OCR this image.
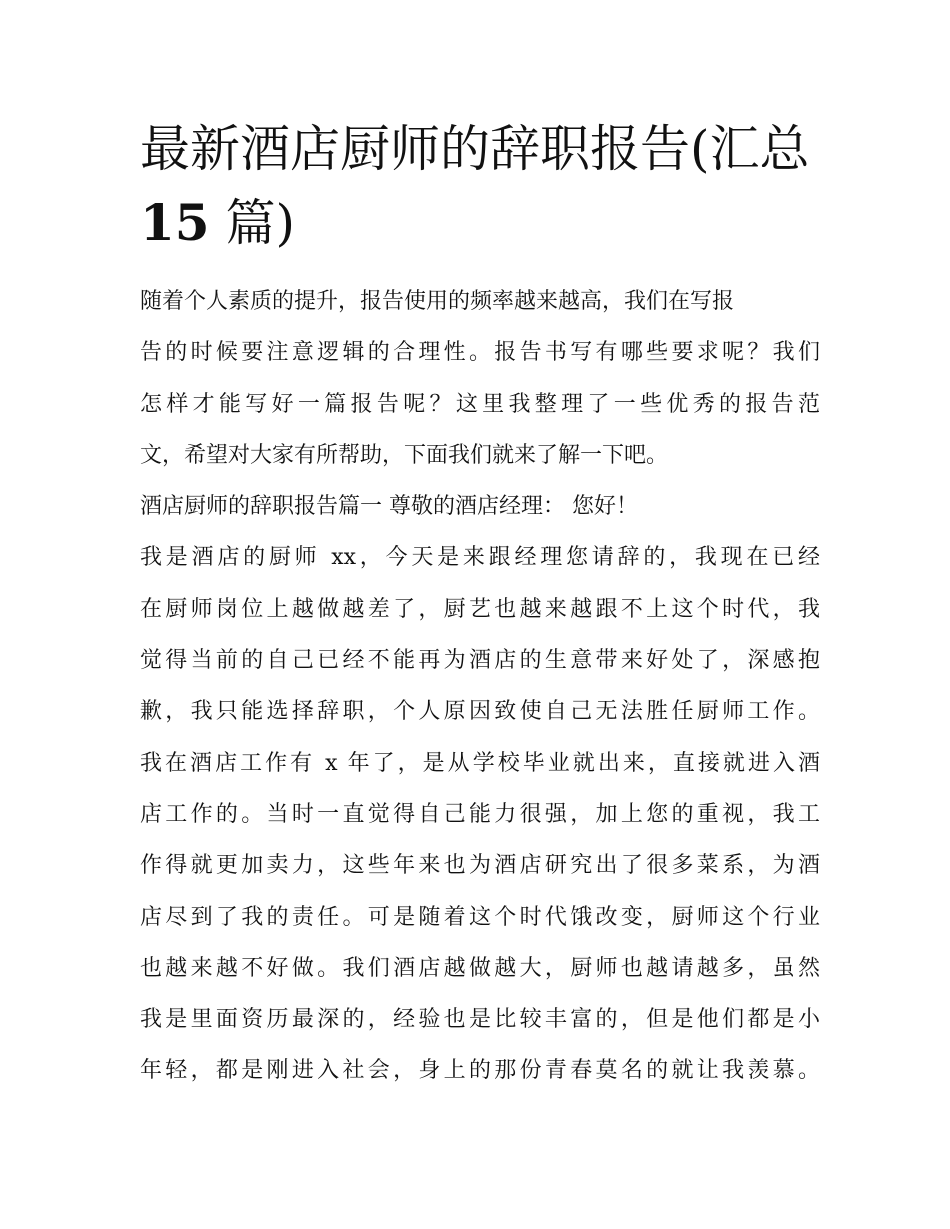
最新酒店厨师的辞职报告(汇总
15 篇)

随着个人素质的提升，报告使用的频率越来越高，我们在写报

告的时候要注意逻辑的合理性。报告书写有哪些要求呢？我们

怎样才能写好一篇报告呢？这里我整理了一些优秀的报告范

文，希望对大家有所帮助，下面我们就来了解一下吧。

酒店厨师的辞职报告篇一 尊敬的酒店经理： 您好！

我是酒店的厨师 xx，今天是来跟经理您请辞的，我现在已经

在厨师岗位上越做越差了，厨艺也越来越跟不上这个时代，我

觉得当前的自己已经不能再为酒店的生意带来好处了，深感抱

歉，我只能选择辞职，个人原因致使自己无法胜任厨师工作。

我在酒店工作有 x 年了，是从学校毕业就出来，直接就进入酒

店工作的。当时一直觉得自己能力很强，加上您的重视，我工

作得就更加卖力，这些年来也为酒店研究出了很多菜系，为酒

店尽到了我的责任。可是随着这个时代饿改变，厨师这个行业

也越来越不好做。我们酒店越做越大，厨师也越请越多，虽然

我是里面资历最深的，经验也是比较丰富的，但是他们都是小

年轻，都是刚进入社会，身上的那份青春莫名的就让我羡慕。
